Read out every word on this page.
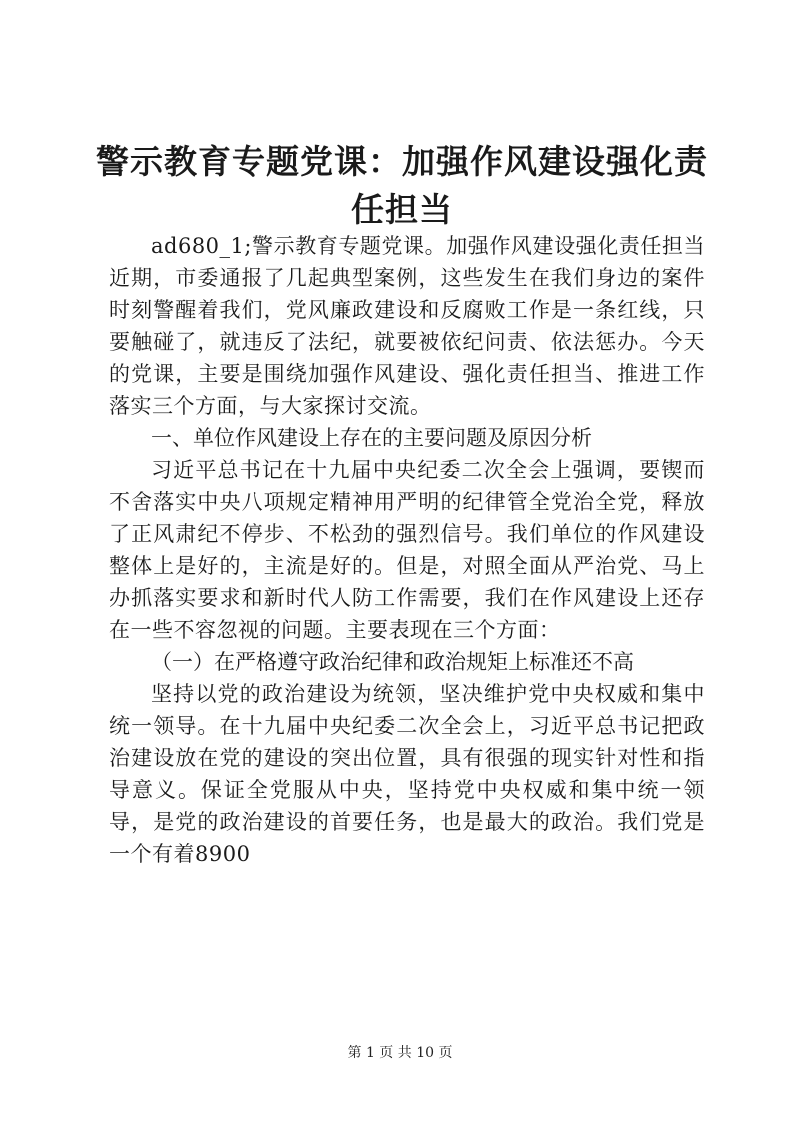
警示教育专题党课：加强作风建设强化责任担当

ad680_1;警示教育专题党课。加强作风建设强化责任担当近期，市委通报了几起典型案例，这些发生在我们身边的案件时刻警醒着我们，党风廉政建设和反腐败工作是一条红线，只要触碰了，就违反了法纪，就要被依纪问责、依法惩办。今天的党课，主要是围绕加强作风建设、强化责任担当、推进工作落实三个方面，与大家探讨交流。

一、单位作风建设上存在的主要问题及原因分析

习近平总书记在十九届中央纪委二次全会上强调，要锲而不舍落实中央八项规定精神用严明的纪律管全党治全党，释放了正风肃纪不停步、不松劲的强烈信号。我们单位的作风建设整体上是好的，主流是好的。但是，对照全面从严治党、马上办抓落实要求和新时代人防工作需要，我们在作风建设上还存在一些不容忽视的问题。主要表现在三个方面：

（一）在严格遵守政治纪律和政治规矩上标准还不高

坚持以党的政治建设为统领，坚决维护党中央权威和集中统一领导。在十九届中央纪委二次全会上，习近平总书记把政治建设放在党的建设的突出位置，具有很强的现实针对性和指导意义。保证全党服从中央，坚持党中央权威和集中统一领导，是党的政治建设的首要任务，也是最大的政治。我们党是一个有着8900

第 1 页 共 10 页
